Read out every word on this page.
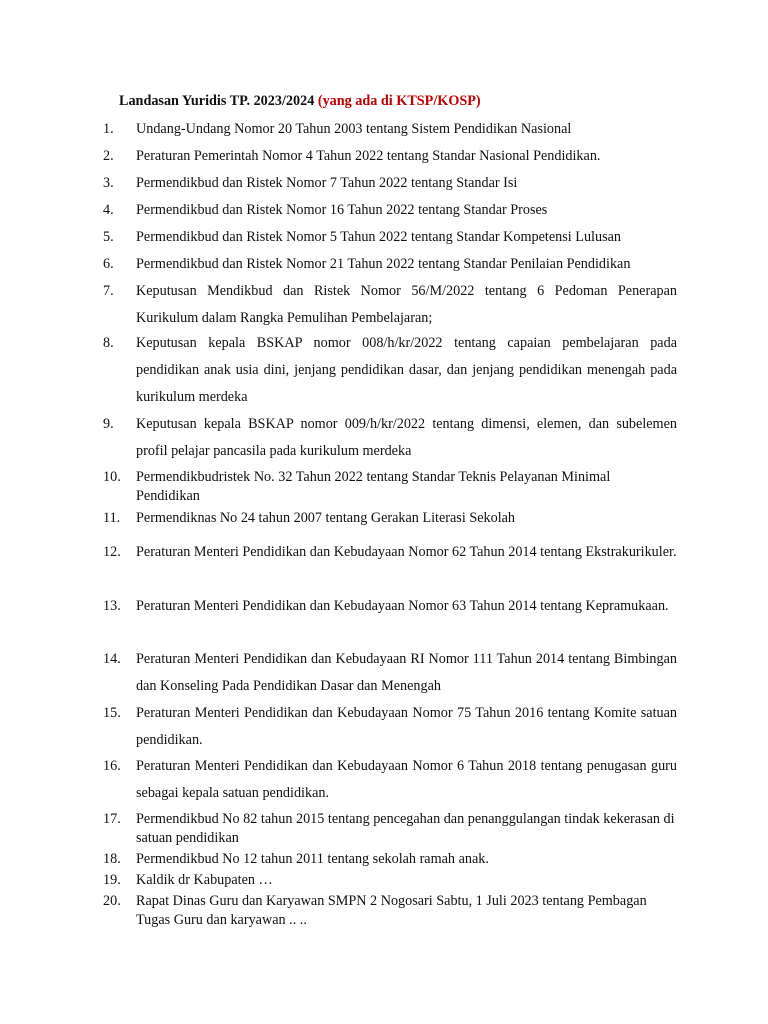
Landasan Yuridis TP. 2023/2024 (yang ada di KTSP/KOSP)
1.	Undang-Undang Nomor 20 Tahun 2003 tentang Sistem Pendidikan Nasional
2.	Peraturan Pemerintah Nomor 4 Tahun 2022 tentang Standar Nasional Pendidikan.
3.	Permendikbud dan Ristek Nomor 7 Tahun 2022 tentang Standar Isi
4.	Permendikbud dan Ristek Nomor 16 Tahun 2022 tentang Standar Proses
5.	Permendikbud dan Ristek Nomor 5 Tahun 2022 tentang Standar Kompetensi Lulusan
6.	Permendikbud dan Ristek Nomor 21 Tahun 2022 tentang Standar Penilaian Pendidikan
7.	Keputusan Mendikbud dan Ristek Nomor 56/M/2022 tentang 6 Pedoman Penerapan Kurikulum dalam Rangka Pemulihan Pembelajaran;
8.	Keputusan kepala BSKAP nomor 008/h/kr/2022 tentang capaian pembelajaran pada pendidikan anak usia dini, jenjang pendidikan dasar, dan jenjang pendidikan menengah pada kurikulum merdeka
9.	Keputusan kepala BSKAP nomor 009/h/kr/2022 tentang dimensi, elemen, dan subelemen profil pelajar pancasila pada kurikulum merdeka
10.	Permendikbudristek No. 32 Tahun 2022 tentang Standar Teknis Pelayanan Minimal Pendidikan
11.	Permendiknas No 24 tahun 2007 tentang Gerakan Literasi Sekolah
12.	Peraturan Menteri Pendidikan dan Kebudayaan Nomor 62 Tahun 2014 tentang Ekstrakurikuler.
13.	Peraturan Menteri Pendidikan dan Kebudayaan Nomor 63 Tahun 2014 tentang Kepramukaan.
14.	Peraturan Menteri Pendidikan dan Kebudayaan RI Nomor 111 Tahun 2014 tentang Bimbingan dan Konseling Pada Pendidikan Dasar dan Menengah
15.	Peraturan Menteri Pendidikan dan Kebudayaan Nomor 75 Tahun 2016 tentang Komite satuan pendidikan.
16.	Peraturan Menteri Pendidikan dan Kebudayaan Nomor 6 Tahun 2018 tentang penugasan guru sebagai kepala satuan pendidikan.
17.	Permendikbud No 82 tahun 2015 tentang pencegahan dan penanggulangan tindak kekerasan di satuan pendidikan
18.	Permendikbud No 12 tahun 2011 tentang sekolah ramah anak.
19.	Kaldik dr Kabupaten …
20.	Rapat Dinas Guru dan Karyawan SMPN 2 Nogosari Sabtu, 1 Juli 2023 tentang Pembagan Tugas Guru dan karyawan .. ..
